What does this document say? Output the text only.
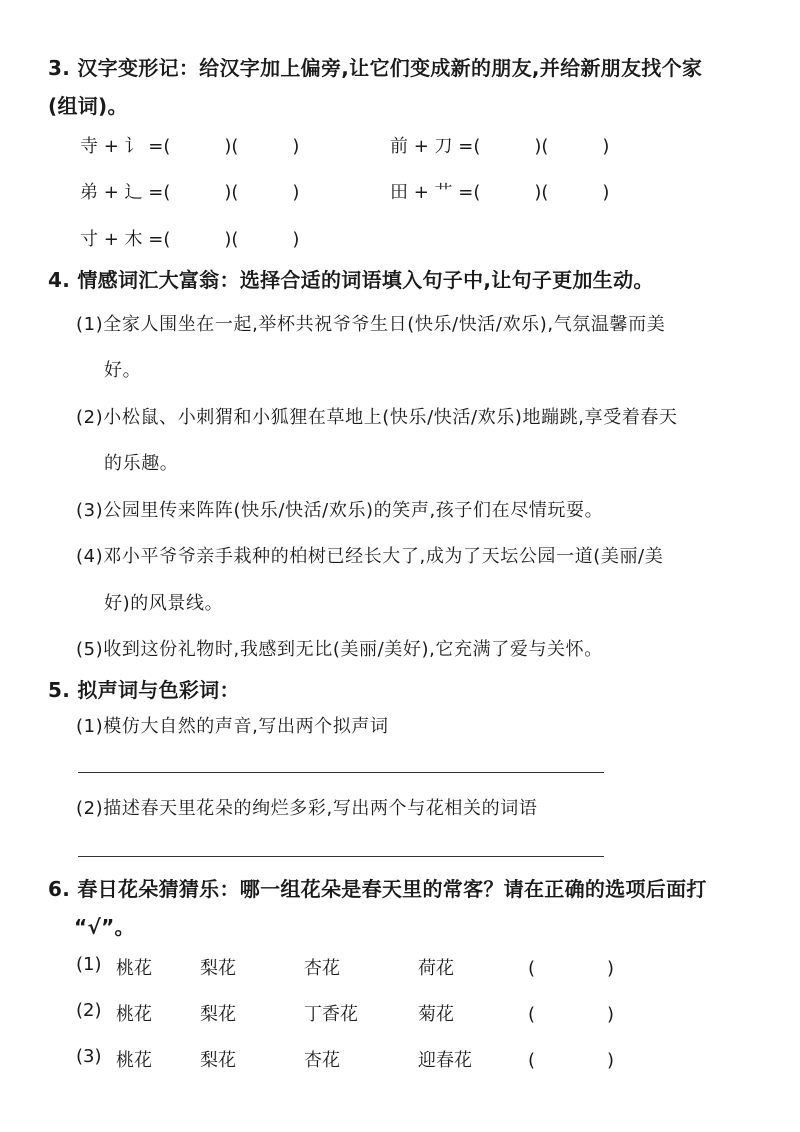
3. 汉字变形记：给汉字加上偏旁,让它们变成新的朋友,并给新朋友找个家
(组词)。
寺 + 讠 =(　　　)(　　　)	前 + 刀 =(　　　)(　　　)
弟 + 辶 =(　　　)(　　　)	田 + 艹 =(　　　)(　　　)
寸 + 木 =(　　　)(　　　)
4. 情感词汇大富翁：选择合适的词语填入句子中,让句子更加生动。
(1)全家人围坐在一起,举杯共祝爷爷生日(快乐/快活/欢乐),气氛温馨而美
好。
(2)小松鼠、小刺猬和小狐狸在草地上(快乐/快活/欢乐)地蹦跳,享受着春天
的乐趣。
(3)公园里传来阵阵(快乐/快活/欢乐)的笑声,孩子们在尽情玩耍。
(4)邓小平爷爷亲手栽种的柏树已经长大了,成为了天坛公园一道(美丽/美
好)的风景线。
(5)收到这份礼物时,我感到无比(美丽/美好),它充满了爱与关怀。
5. 拟声词与色彩词：
(1)模仿大自然的声音,写出两个拟声词
(2)描述春天里花朵的绚烂多彩,写出两个与花相关的词语
6. 春日花朵猜猜乐：哪一组花朵是春天里的常客？请在正确的选项后面打
“√”。
(1) 桃花	梨花	杏花	荷花	(　　　　)
(2) 桃花	梨花	丁香花	菊花	(　　　　)
(3) 桃花	梨花	杏花	迎春花	(　　　　)
